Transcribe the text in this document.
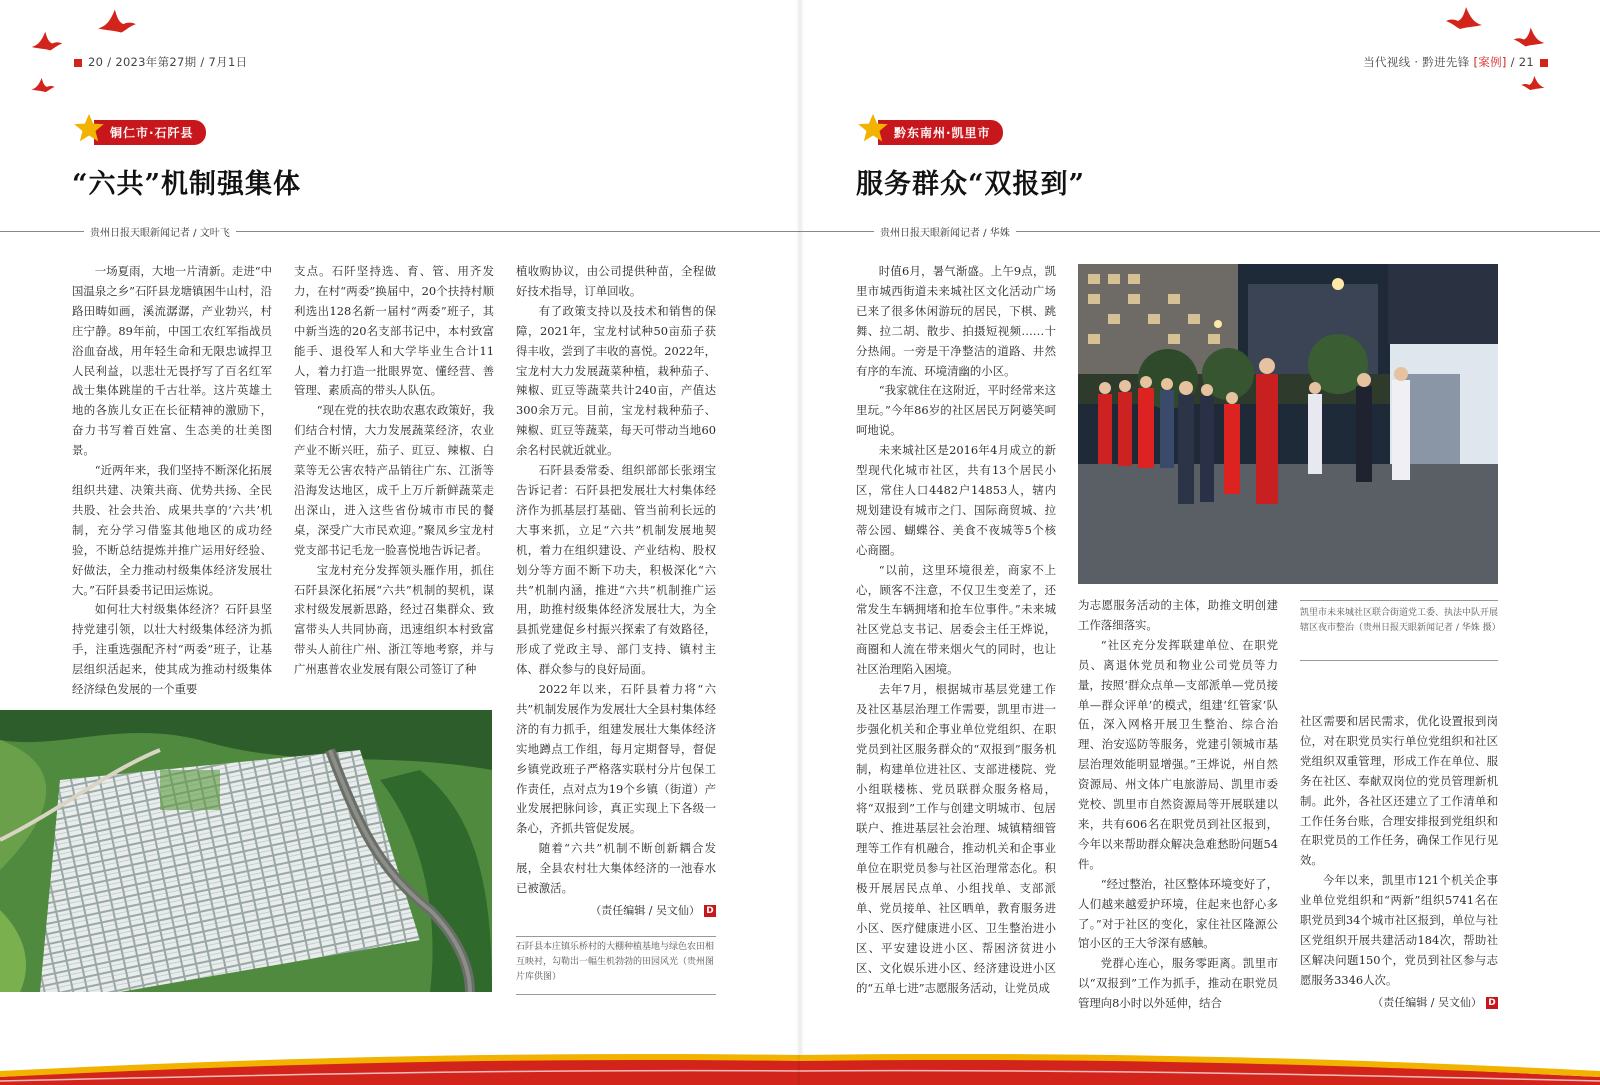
20 / 2023年第27期 / 7月1日
铜仁市·石阡县
“六共”机制强集体
贵州日报天眼新闻记者 / 文叶飞

一场夏雨，大地一片清新。走进“中国温泉之乡”石阡县龙塘镇困牛山村，沿路田畴如画，溪流潺潺，产业勃兴，村庄宁静。89年前，中国工农红军指战员浴血奋战，用年轻生命和无限忠诚捍卫人民利益，以悲壮无畏抒写了百名红军战士集体跳崖的千古壮举。这片英雄土地的各族儿女正在长征精神的激励下，奋力书写着百姓富、生态美的壮美图景。

“近两年来，我们坚持不断深化拓展组织共建、决策共商、优势共扬、全民共股、社会共治、成果共享的‘六共’机制，充分学习借鉴其他地区的成功经验，不断总结提炼并推广运用好经验、好做法，全力推动村级集体经济发展壮大。”石阡县委书记田运炼说。

如何壮大村级集体经济？石阡县坚持党建引领，以壮大村级集体经济为抓手，注重选强配齐村“两委”班子，让基层组织活起来，使其成为推动村级集体经济绿色发展的一个重要

支点。石阡坚持选、育、管、用齐发力，在村“两委”换届中，20个扶持村顺利选出128名新一届村“两委”班子，其中新当选的20名支部书记中，本村致富能手、退役军人和大学毕业生合计11人，着力打造一批眼界宽、懂经营、善管理、素质高的带头人队伍。

“现在党的扶农助农惠农政策好，我们结合村情，大力发展蔬菜经济，农业产业不断兴旺，茄子、豇豆、辣椒、白菜等无公害农特产品销往广东、江浙等沿海发达地区，成千上万斤新鲜蔬菜走出深山，进入这些省份城市市民的餐桌，深受广大市民欢迎。”聚凤乡宝龙村党支部书记毛龙一脸喜悦地告诉记者。

宝龙村充分发挥领头雁作用，抓住石阡县深化拓展“六共”机制的契机，谋求村级发展新思路，经过召集群众、致富带头人共同协商，迅速组织本村致富带头人前往广州、浙江等地考察，并与广州惠普农业发展有限公司签订了种

植收购协议，由公司提供种苗，全程做好技术指导，订单回收。

有了政策支持以及技术和销售的保障，2021年，宝龙村试种50亩茄子获得丰收，尝到了丰收的喜悦。2022年，宝龙村大力发展蔬菜种植，栽种茄子、辣椒、豇豆等蔬菜共计240亩，产值达300余万元。目前，宝龙村栽种茄子、辣椒、豇豆等蔬菜，每天可带动当地60余名村民就近就业。

石阡县委常委、组织部部长张翊宝告诉记者：石阡县把发展壮大村集体经济作为抓基层打基础、管当前利长远的大事来抓，立足“六共”机制发展地契机，着力在组织建设、产业结构、股权划分等方面不断下功夫，积极深化“六共”机制内涵，推进“六共”机制推广运用，助推村级集体经济发展壮大，为全县抓党建促乡村振兴探索了有效路径，形成了党政主导、部门支持、镇村主体、群众参与的良好局面。

2022年以来，石阡县着力将“六共”机制发展作为发展壮大全县村集体经济的有力抓手，组建发展壮大集体经济实地蹲点工作组，每月定期督导，督促乡镇党政班子严格落实联村分片包保工作责任，点对点为19个乡镇（街道）产业发展把脉问诊，真正实现上下各级一条心，齐抓共管促发展。

随着“六共”机制不断创新耦合发展，全县农村壮大集体经济的一池春水已被激活。

（责任编辑 / 吴文仙） D
石阡县本庄镇乐桥村的大棚种植基地与绿色农田相互映衬，勾勒出一幅生机勃勃的田园风光（贵州图片库供图）
当代视线 · 黔进先锋 [案例] / 21
黔东南州·凯里市
服务群众“双报到”
贵州日报天眼新闻记者 / 华姝

时值6月，暑气渐盛。上午9点，凯里市城西街道未来城社区文化活动广场已来了很多休闲游玩的居民，下棋、跳舞、拉二胡、散步、拍摄短视频……十分热闹。一旁是干净整洁的道路、井然有序的车流、环境清幽的小区。

“我家就住在这附近，平时经常来这里玩。”今年86岁的社区居民万阿婆笑呵呵地说。

未来城社区是2016年4月成立的新型现代化城市社区，共有13个居民小区，常住人口4482户14853人，辖内规划建设有城市之门、国际商贸城、拉蒂公园、蝴蝶谷、美食不夜城等5个核心商圈。

“以前，这里环境很差，商家不上心，顾客不注意，不仅卫生变差了，还常发生车辆拥堵和抢车位事件。”未来城社区党总支书记、居委会主任王烨说，商圈和人流在带来烟火气的同时，也让社区治理陷入困境。

去年7月，根据城市基层党建工作及社区基层治理工作需要，凯里市进一步强化机关和企事业单位党组织、在职党员到社区服务群众的“双报到”服务机制，构建单位进社区、支部进楼院、党小组联楼栋、党员联群众服务格局，将“双报到”工作与创建文明城市、包居联户、推进基层社会治理、城镇精细管理等工作有机融合，推动机关和企事业单位在职党员参与社区治理常态化。积极开展居民点单、小组找单、支部派单、党员接单、社区晒单，教育服务进小区、医疗健康进小区、卫生整治进小区、平安建设进小区、帮困济贫进小区、文化娱乐进小区、经济建设进小区的“五单七进”志愿服务活动，让党员成

为志愿服务活动的主体，助推文明创建工作落细落实。

“社区充分发挥联建单位、在职党员、离退休党员和物业公司党员等力量，按照‘群众点单—支部派单—党员接单—群众评单’的模式，组建‘红管家’队伍，深入网格开展卫生整治、综合治理、治安巡防等服务，党建引领城市基层治理效能明显增强。”王烨说，州自然资源局、州文体广电旅游局、凯里市委党校、凯里市自然资源局等开展联建以来，共有606名在职党员到社区报到，今年以来帮助群众解决急难愁盼问题54件。

“经过整治，社区整体环境变好了，人们越来越爱护环境，住起来也舒心多了。”对于社区的变化，家住社区隆源公馆小区的王大爷深有感触。

党群心连心，服务零距离。凯里市以“双报到”工作为抓手，推动在职党员管理向8小时以外延伸，结合

凯里市未来城社区联合街道党工委、执法中队开展辖区夜市整治（贵州日报天眼新闻记者 / 华姝 摄）

社区需要和居民需求，优化设置报到岗位，对在职党员实行单位党组织和社区党组织双重管理，形成工作在单位、服务在社区、奉献双岗位的党员管理新机制。此外，各社区还建立了工作清单和工作任务台账，合理安排报到党组织和在职党员的工作任务，确保工作见行见效。

今年以来，凯里市121个机关企事业单位党组织和“两新”组织5741名在职党员到34个城市社区报到，单位与社区党组织开展共建活动184次，帮助社区解决问题150个，党员到社区参与志愿服务3346人次。

（责任编辑 / 吴文仙） D
